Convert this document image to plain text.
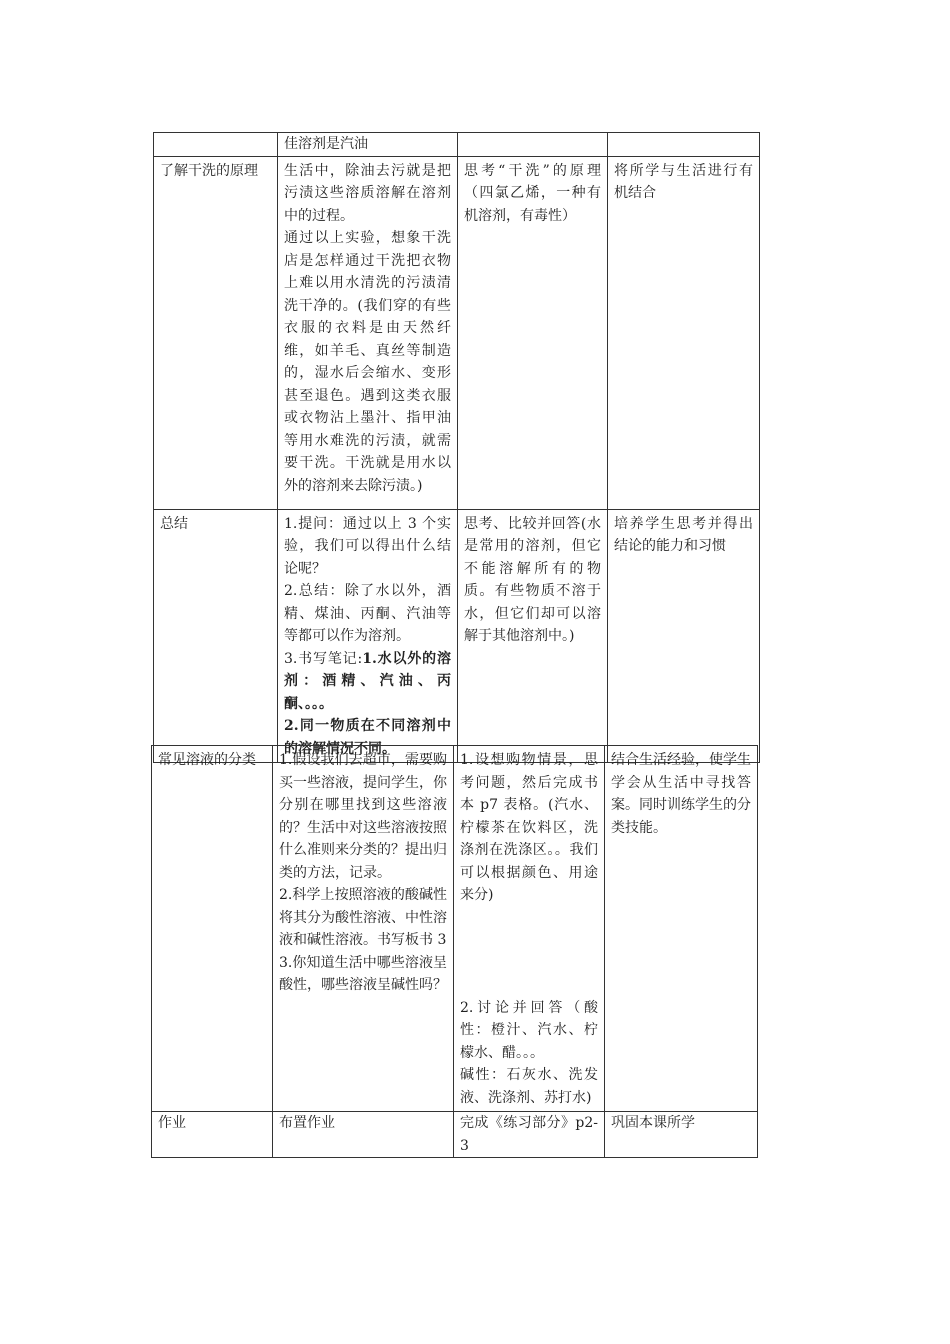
	佳溶剂是汽油		
了解干洗的原理	生活中，除油去污就是把污渍这些溶质溶解在溶剂中的过程。
通过以上实验，想象干洗店是怎样通过干洗把衣物上难以用水清洗的污渍清洗干净的。(我们穿的有些衣服的衣料是由天然纤维，如羊毛、真丝等制造的，湿水后会缩水、变形甚至退色。遇到这类衣服或衣物沾上墨汁、指甲油等用水难洗的污渍，就需要干洗。干洗就是用水以外的溶剂来去除污渍。)	思考“干洗”的原理（四氯乙烯，一种有机溶剂，有毒性）	将所学与生活进行有机结合
总结	1.提问：通过以上 3 个实验，我们可以得出什么结论呢？
2.总结：除了水以外，酒精、煤油、丙酮、汽油等等都可以作为溶剂。
3.书写笔记:1.水以外的溶剂：酒精、汽油、丙酮、。。。
2.同一物质在不同溶剂中的溶解情况不同。	思考、比较并回答(水是常用的溶剂，但它不能溶解所有的物质。有些物质不溶于水，但它们却可以溶解于其他溶剂中。)	培养学生思考并得出结论的能力和习惯
常见溶液的分类	1.假设我们去超市，需要购买一些溶液，提问学生，你分别在哪里找到这些溶液的？生活中对这些溶液按照什么准则来分类的？提出归类的方法，记录。
2.科学上按照溶液的酸碱性将其分为酸性溶液、中性溶液和碱性溶液。书写板书 3
3.你知道生活中哪些溶液呈酸性，哪些溶液呈碱性吗？	1.设想购物情景，思考问题，然后完成书本 p7 表格。(汽水、柠檬茶在饮料区，洗涤剂在洗涤区。。我们可以根据颜色、用途来分)
2.讨论并回答（酸性：橙汁、汽水、柠檬水、醋。。。
碱性：石灰水、洗发液、洗涤剂、苏打水)	结合生活经验，使学生学会从生活中寻找答案。同时训练学生的分类技能。
作业	布置作业	完成《练习部分》p2-3	巩固本课所学
